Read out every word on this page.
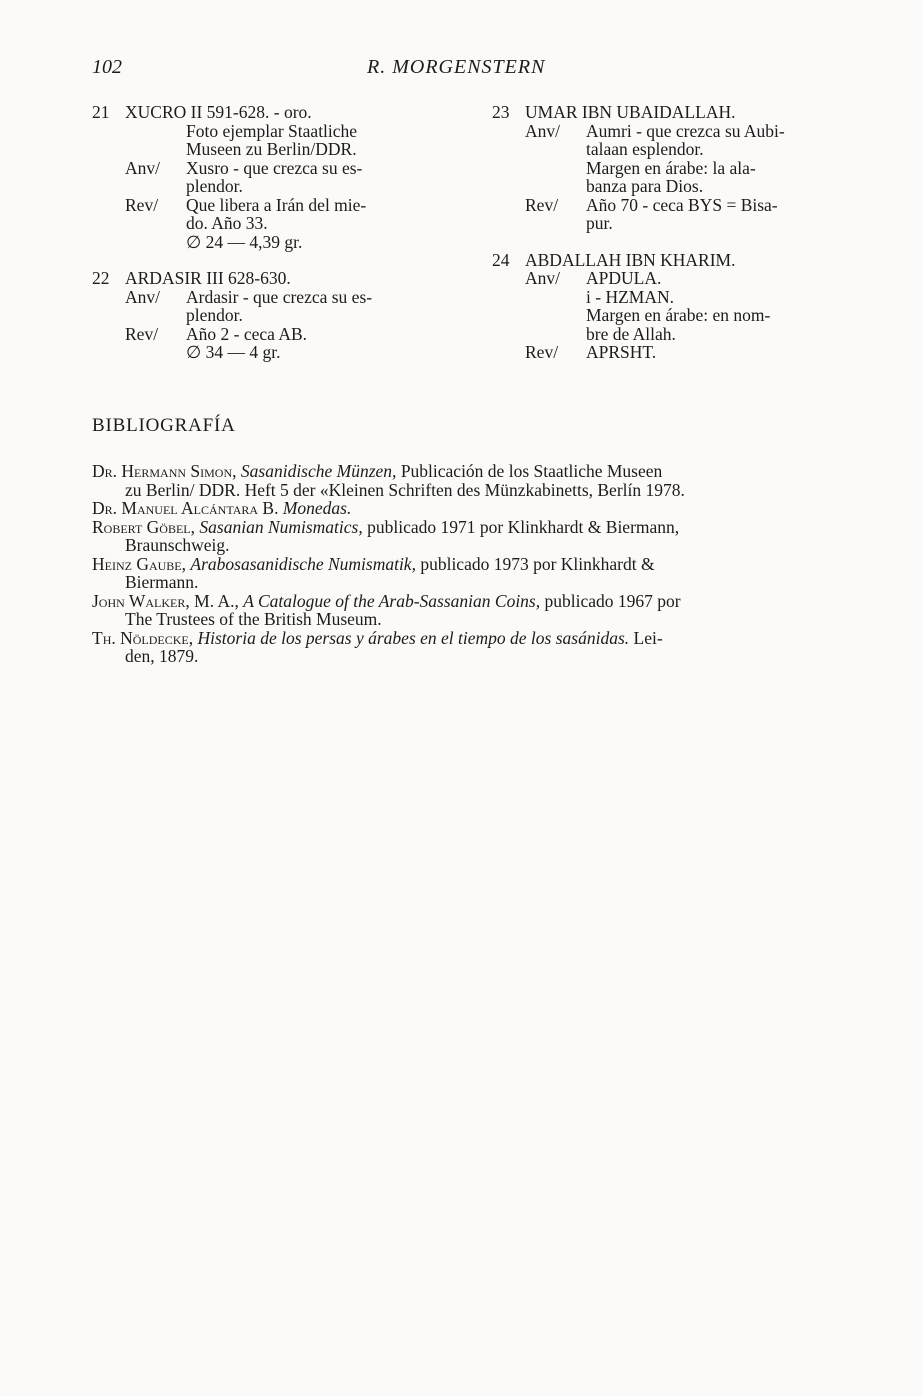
102	R. MORGENSTERN
21 XUCRO II 591-628. - oro.
Foto ejemplar Staatliche
Museen zu Berlin/DDR.
Anv/ Xusro - que crezca su es-
plendor.
Rev/ Que libera a Irán del mie-
do. Año 33.
∅ 24 — 4,39 gr.
22 ARDASIR III 628-630.
Anv/ Ardasir - que crezca su es-
plendor.
Rev/ Año 2 - ceca AB.
∅ 34 — 4 gr.
23 UMAR IBN UBAIDALLAH.
Anv/ Aumri - que crezca su Aubi-
talaan esplendor.
Margen en árabe: la ala-
banza para Dios.
Rev/ Año 70 - ceca BYS = Bisa-
pur.
24 ABDALLAH IBN KHARIM.
Anv/ APDULA.
i - HZMAN.
Margen en árabe: en nom-
bre de Allah.
Rev/ APRSHT.
BIBLIOGRAFÍA
Dr. Hermann Simon, Sasanidische Münzen, Publicación de los Staatliche Museen
zu Berlin/ DDR. Heft 5 der «Kleinen Schriften des Münzkabinetts, Berlín 1978.
Dr. Manuel Alcántara B. Monedas.
Robert Göbel, Sasanian Numismatics, publicado 1971 por Klinkhardt & Biermann,
Braunschweig.
Heinz Gaube, Arabosasanidische Numismatik, publicado 1973 por Klinkhardt &
Biermann.
John Walker, M. A., A Catalogue of the Arab-Sassanian Coins, publicado 1967 por
The Trustees of the British Museum.
Th. Nöldecke, Historia de los persas y árabes en el tiempo de los sasánidas. Lei-
den, 1879.
